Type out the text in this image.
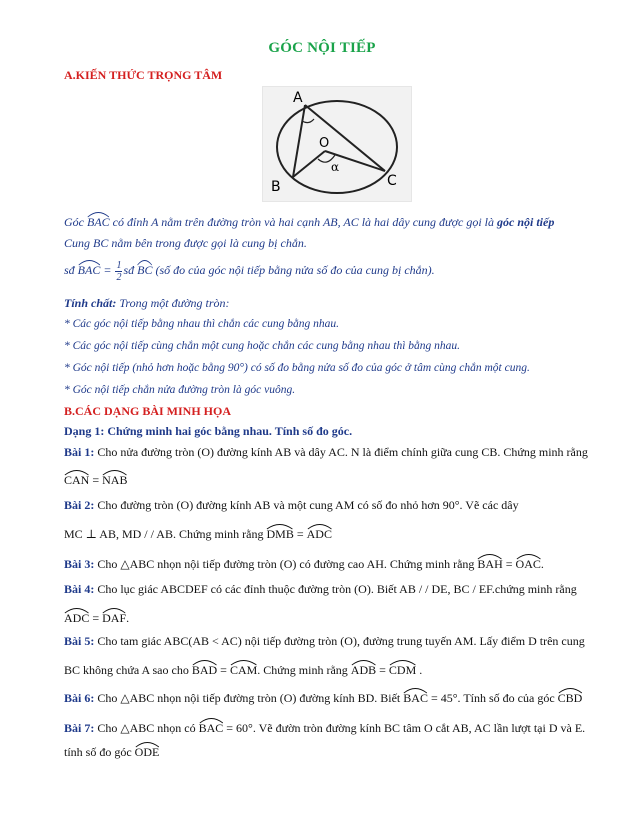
GÓC NỘI TIẾP
A.KIẾN THỨC TRỌNG TÂM
A
B	C
O
α
Góc BAC có đỉnh A nằm trên đường tròn và hai cạnh AB, AC là hai dây cung được gọi là góc nội tiếp
Cung BC nằm bên trong được gọi là cung bị chắn.
sđ BAC = $\frac{1}{2}$ sđ BC (số đo của góc nội tiếp bằng nửa số đo của cung bị chắn).
Tính chất: Trong một đường tròn:
* Các góc nội tiếp bằng nhau thì chắn các cung bằng nhau.
* Các góc nội tiếp cùng chắn một cung hoặc chắn các cung bằng nhau thì bằng nhau.
* Góc nội tiếp (nhỏ hơn hoặc bằng 90°) có số đo bằng nửa số đo của góc ở tâm cùng chắn một cung.
* Góc nội tiếp chắn nửa đường tròn là góc vuông.
B.CÁC DẠNG BÀI MINH HỌA
Dạng 1: Chứng minh hai góc bằng nhau. Tính số đo góc.
Bài 1: Cho nửa đường tròn (O) đường kính AB và dây AC. N là điểm chính giữa cung CB. Chứng minh rằng
CAN =
NAB
Bài 2: Cho đường tròn (O) đường kính AB và một cung AM có số đo nhỏ hơn 90°. Vẽ các dây
MC ⊥ AB, MD / / AB. Chứng minh rằng
DMB =
ADC
Bài 3: Cho △ABC nhọn nội tiếp đường tròn (O) có đường cao AH. Chứng minh rằng
BAH =
OAC.
Bài 4: Cho lục giác ABCDEF có các đỉnh thuộc đường tròn (O). Biết AB / / DE, BC / EF.chứng minh rằng
ADC =
DAF.
Bài 5: Cho tam giác ABC(AB < AC) nội tiếp đường tròn (O), đường trung tuyến AM. Lấy điểm D trên cung
BC không chứa A sao cho
BAD =
CAM. Chứng minh rằng
ADB =
CDM .
Bài 6: Cho △ABC nhọn nội tiếp đường tròn (O) đường kính BD. Biết
BAC = 45°. Tính số đo của góc
CBD
Bài 7: Cho △ABC nhọn có
BAC = 60°. Vẽ đườn tròn đường kính BC tâm O cắt AB, AC lần lượt tại D và E.
tính số đo góc
ODE
